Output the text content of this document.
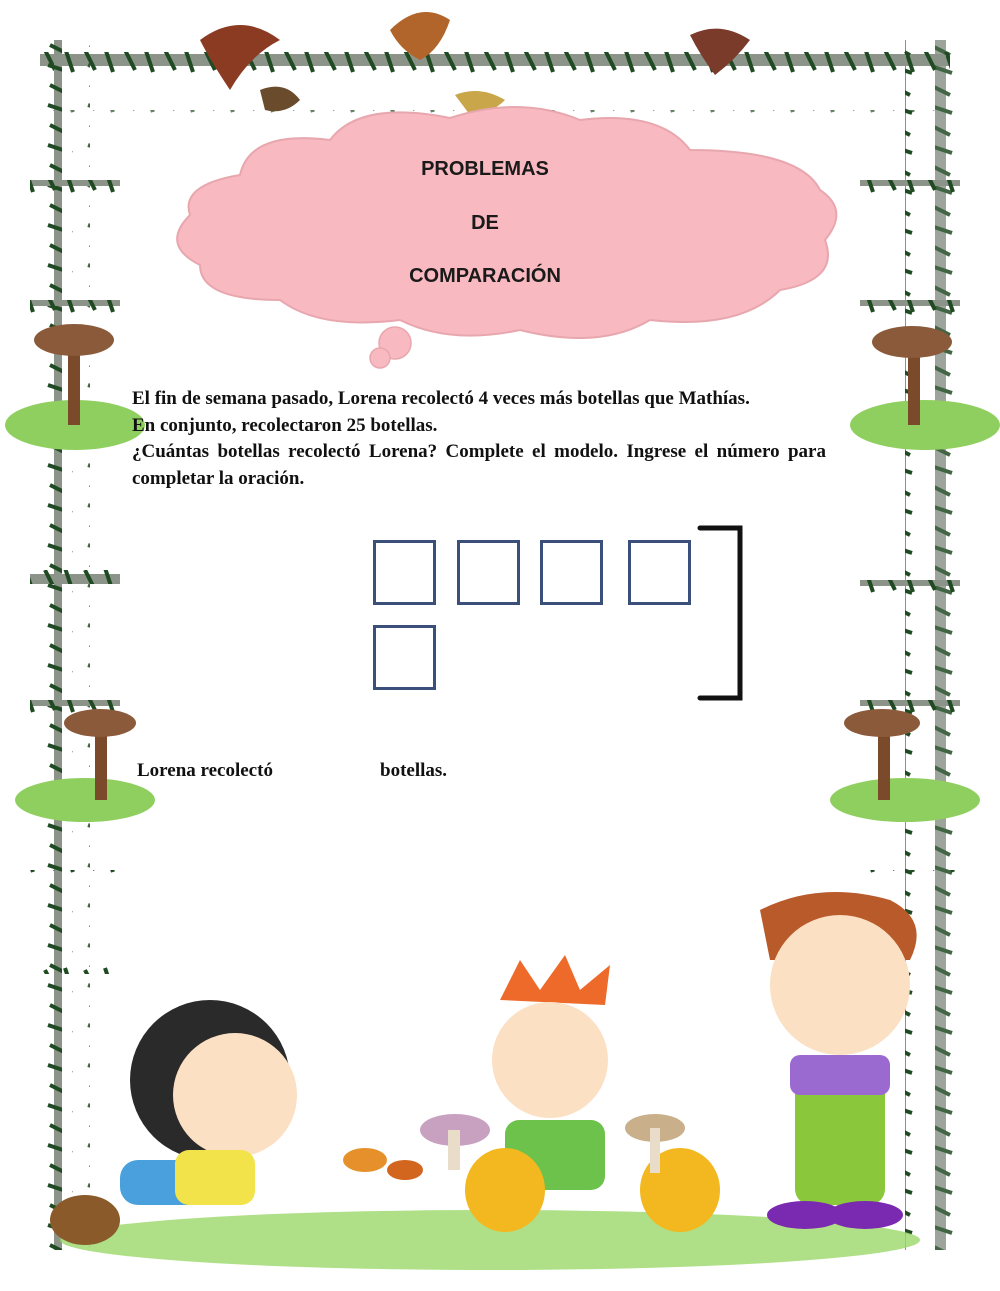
PROBLEMAS
DE
COMPARACIÓN

El fin de semana pasado, Lorena recolectó 4 veces más botellas que Mathías.

En conjunto, recolectaron 25 botellas.

¿Cuántas botellas recolectó Lorena? Complete el modelo. Ingrese el número para completar la oración.

Lorena recolectó	botellas.
